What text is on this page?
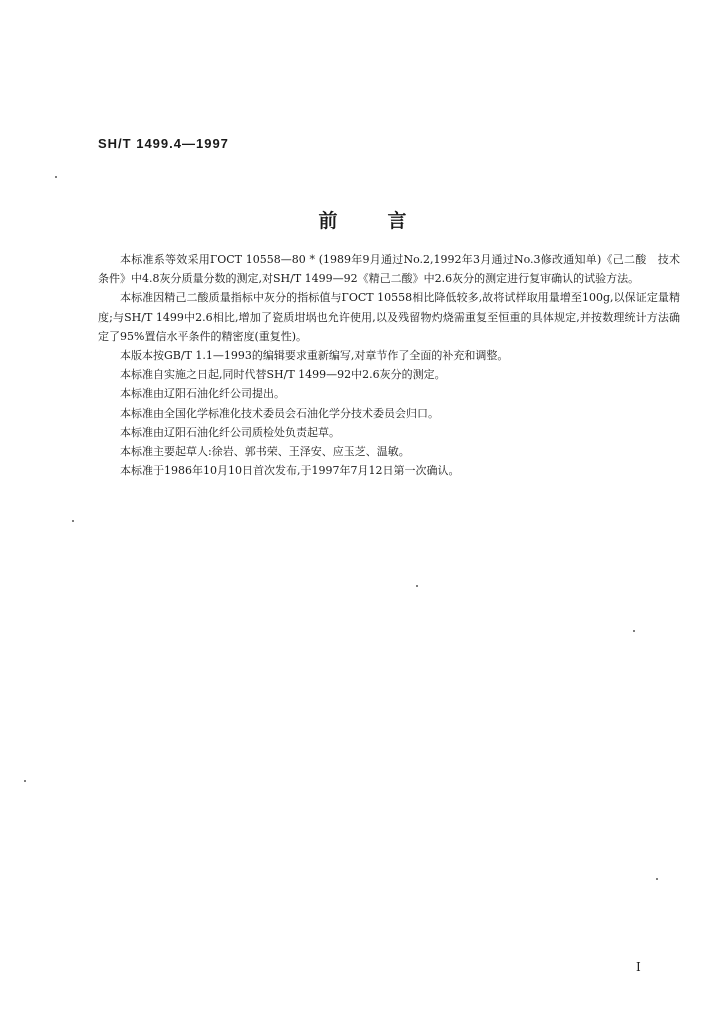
SH/T 1499.4—1997
前言

本标准系等效采用ГОСТ 10558—80 * (1989年9月通过No.2,1992年3月通过No.3修改通知单)《己二酸　技术条件》中4.8灰分质量分数的测定,对SH/T 1499—92《精己二酸》中2.6灰分的测定进行复审确认的试验方法。

本标准因精己二酸质量指标中灰分的指标值与ГОСТ 10558相比降低较多,故将试样取用量增至100g,以保证定量精度;与SH/T 1499中2.6相比,增加了瓷质坩埚也允许使用,以及残留物灼烧需重复至恒重的具体规定,并按数理统计方法确定了95%置信水平条件的精密度(重复性)。

本版本按GB/T 1.1—1993的编辑要求重新编写,对章节作了全面的补充和调整。

本标准自实施之日起,同时代替SH/T 1499—92中2.6灰分的测定。

本标准由辽阳石油化纤公司提出。

本标准由全国化学标准化技术委员会石油化学分技术委员会归口。

本标准由辽阳石油化纤公司质检处负责起草。

本标准主要起草人:徐岩、郭书荣、王泽安、应玉芝、温敏。

本标准于1986年10月10日首次发布,于1997年7月12日第一次确认。

I
